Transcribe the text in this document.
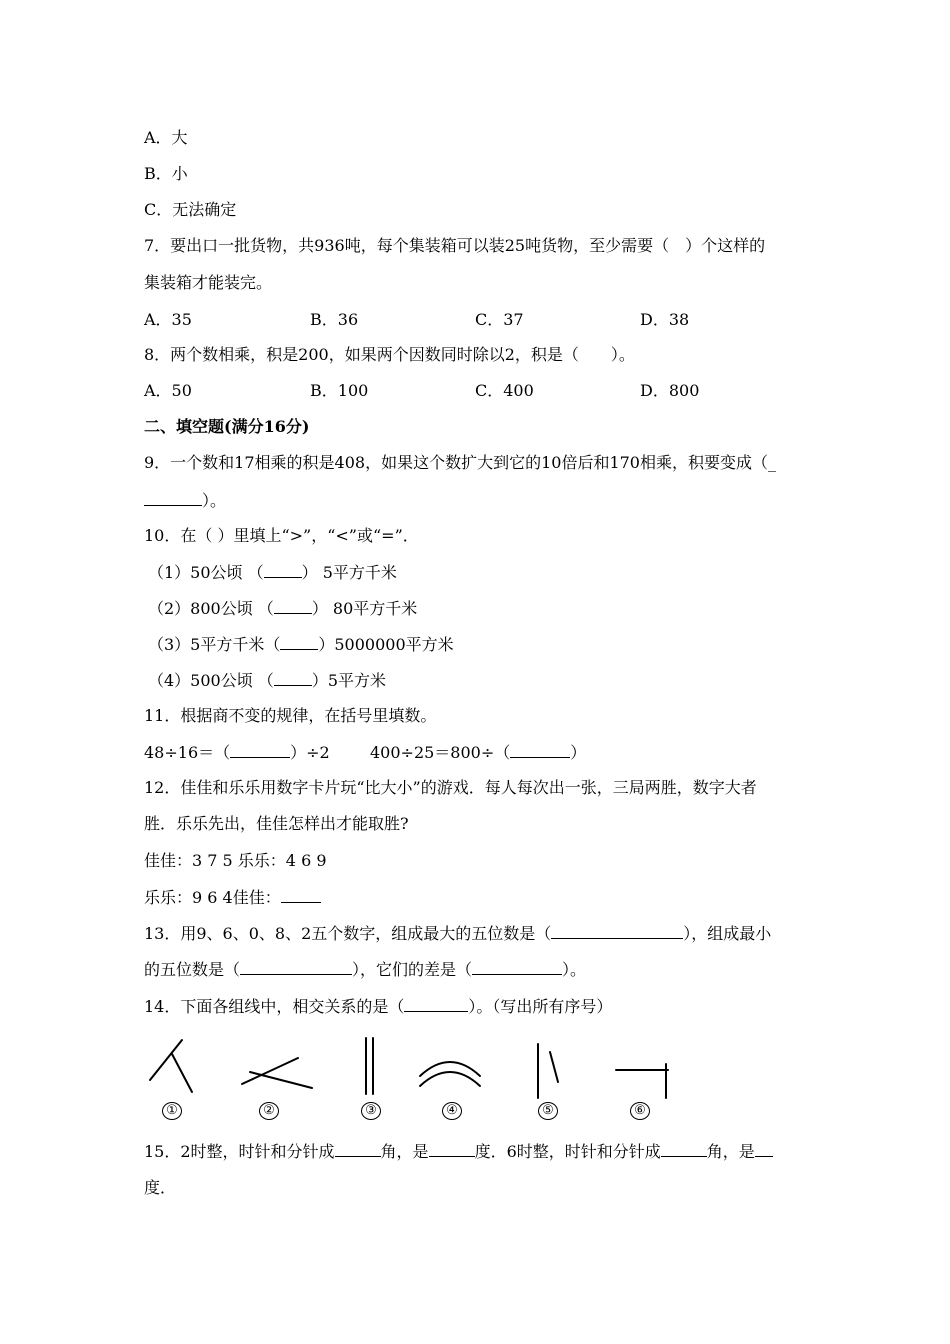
A．大
B．小
C．无法确定
7．要出口一批货物，共936吨，每个集装箱可以装25吨货物，至少需要（　）个这样的
集装箱才能装完。
A．35	B．36	C．37	D．38
8．两个数相乘，积是200，如果两个因数同时除以2，积是（　　）。
A．50	B．100	C．400	D．800
二、填空题(满分16分)
9．一个数和17相乘的积是408，如果这个数扩大到它的10倍后和170相乘，积要变成（_
）。
10．在（ ）里填上“>”，“<”或“=”．
（1）50公顷 （ ） 5平方千米
（2）800公顷 （ ） 80平方千米
（3）5平方千米（ ）5000000平方米
（4）500公顷 （ ）5平方米
11．根据商不变的规律，在括号里填数。
48÷16＝（	）÷2	400÷25＝800÷（	）
12．佳佳和乐乐用数字卡片玩“比大小”的游戏．每人每次出一张，三局两胜，数字大者
胜．乐乐先出，佳佳怎样出才能取胜?
佳佳：3 7 5 乐乐：4 6 9
乐乐：9 6 4佳佳：
13．用9、6、0、8、2五个数字，组成最大的五位数是（	），组成最小
的五位数是（	），它们的差是（	）。
14．下面各组线中，相交关系的是（	）。（写出所有序号）
①	②	③	④	⑤	⑥
15．2时整，时针和分针成	角，是	度．6时整，时针和分针成	角，是
度．
